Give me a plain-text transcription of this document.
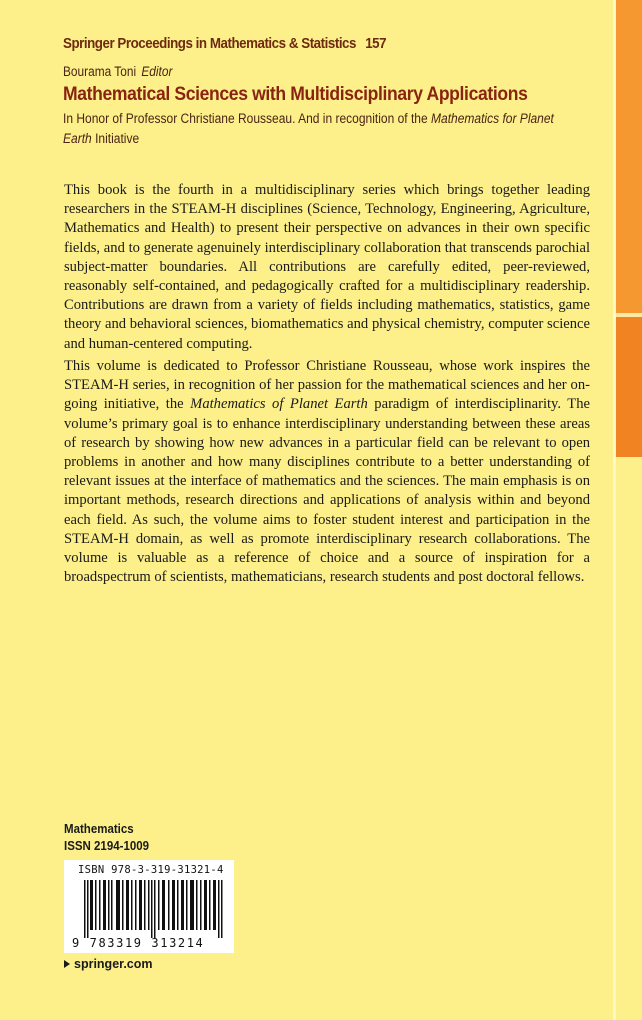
Springer Proceedings in Mathematics & Statistics 157
Bourama Toni Editor
Mathematical Sciences with Multidisciplinary Applications
In Honor of Professor Christiane Rousseau. And in recognition of the Mathematics for Planet Earth Initiative

This book is the fourth in a multidisciplinary series which brings together leading researchers in the STEAM-H disciplines (Science, Technology, Engineering, Agriculture, Mathematics and Health) to present their perspective on advances in their own specific fields, and to generate agenuinely interdisciplinary collaboration that transcends parochial subject-matter boundaries. All contributions are carefully edited, peer-reviewed, reasonably self-contained, and pedagogically crafted for a multidisciplinary readership. Contributions are drawn from a variety of fields including mathematics, statistics, game theory and behavioral sciences, biomathematics and physical chemistry, computer science and human-centered computing.

This volume is dedicated to Professor Christiane Rousseau, whose work inspires the STEAM-H series, in recognition of her passion for the mathematical sciences and her on-going initiative, the Mathematics of Planet Earth paradigm of interdisciplinarity. The volume’s primary goal is to enhance interdisciplinary understanding between these areas of research by showing how new advances in a particular field can be relevant to open problems in another and how many disciplines contribute to a better understanding of relevant issues at the interface of mathematics and the sciences. The main emphasis is on important methods, research directions and applications of analysis within and beyond each field. As such, the volume aims to foster student interest and participation in the STEAM-H domain, as well as promote interdisciplinary research collaborations. The volume is valuable as a reference of choice and a source of inspiration for a broadspectrum of scientists, mathematicians, research students and post doctoral fellows.

Mathematics
ISSN 2194-1009
ISBN 978-3-319-31321-4
9 783319 313214
springer.com
